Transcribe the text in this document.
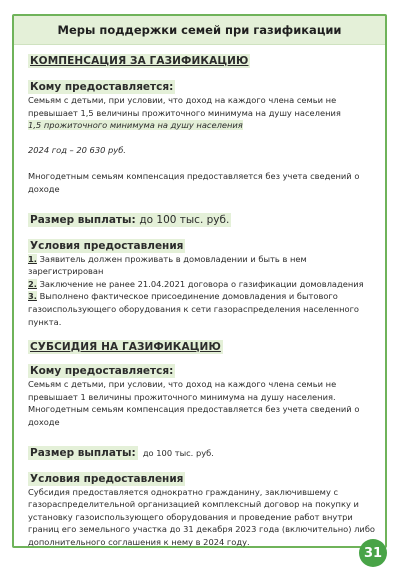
Меры поддержки семей при газификации
КОМПЕНСАЦИЯ ЗА ГАЗИФИКАЦИЮ
Кому предоставляется:

Семьям с детьми, при условии, что доход на каждого члена семьи не превышает 1,5 величины прожиточного минимума на душу населения

1,5 прожиточного минимума на душу населения

2024 год – 20 630 руб.

Многодетным семьям компенсация предоставляется без учета сведений о доходе

Размер выплаты: до 100 тыс. руб.
Условия предоставления

1. Заявитель должен проживать в домовладении и быть в нем зарегистрирован

2. Заключение не ранее 21.04.2021 договора о газификации домовладения

3. Выполнено фактическое присоединение домовладения и бытового газоиспользующего оборудования к сети газораспределения населенного пункта.

СУБСИДИЯ НА ГАЗИФИКАЦИЮ
Кому предоставляется:

Семьям с детьми, при условии, что доход на каждого члена семьи не превышает 1 величины прожиточного минимума на душу населения.

Многодетным семьям компенсация предоставляется без учета сведений о доходе

Размер выплаты: до 100 тыс. руб.
Условия предоставления

Субсидия предоставляется однократно гражданину, заключившему с газораспределительной организацией комплексный договор на покупку и установку газоиспользующего оборудования и проведение работ внутри границ его земельного участка до 31 декабря 2023 года (включительно) либо дополнительного соглашения к нему в 2024 году.

31
